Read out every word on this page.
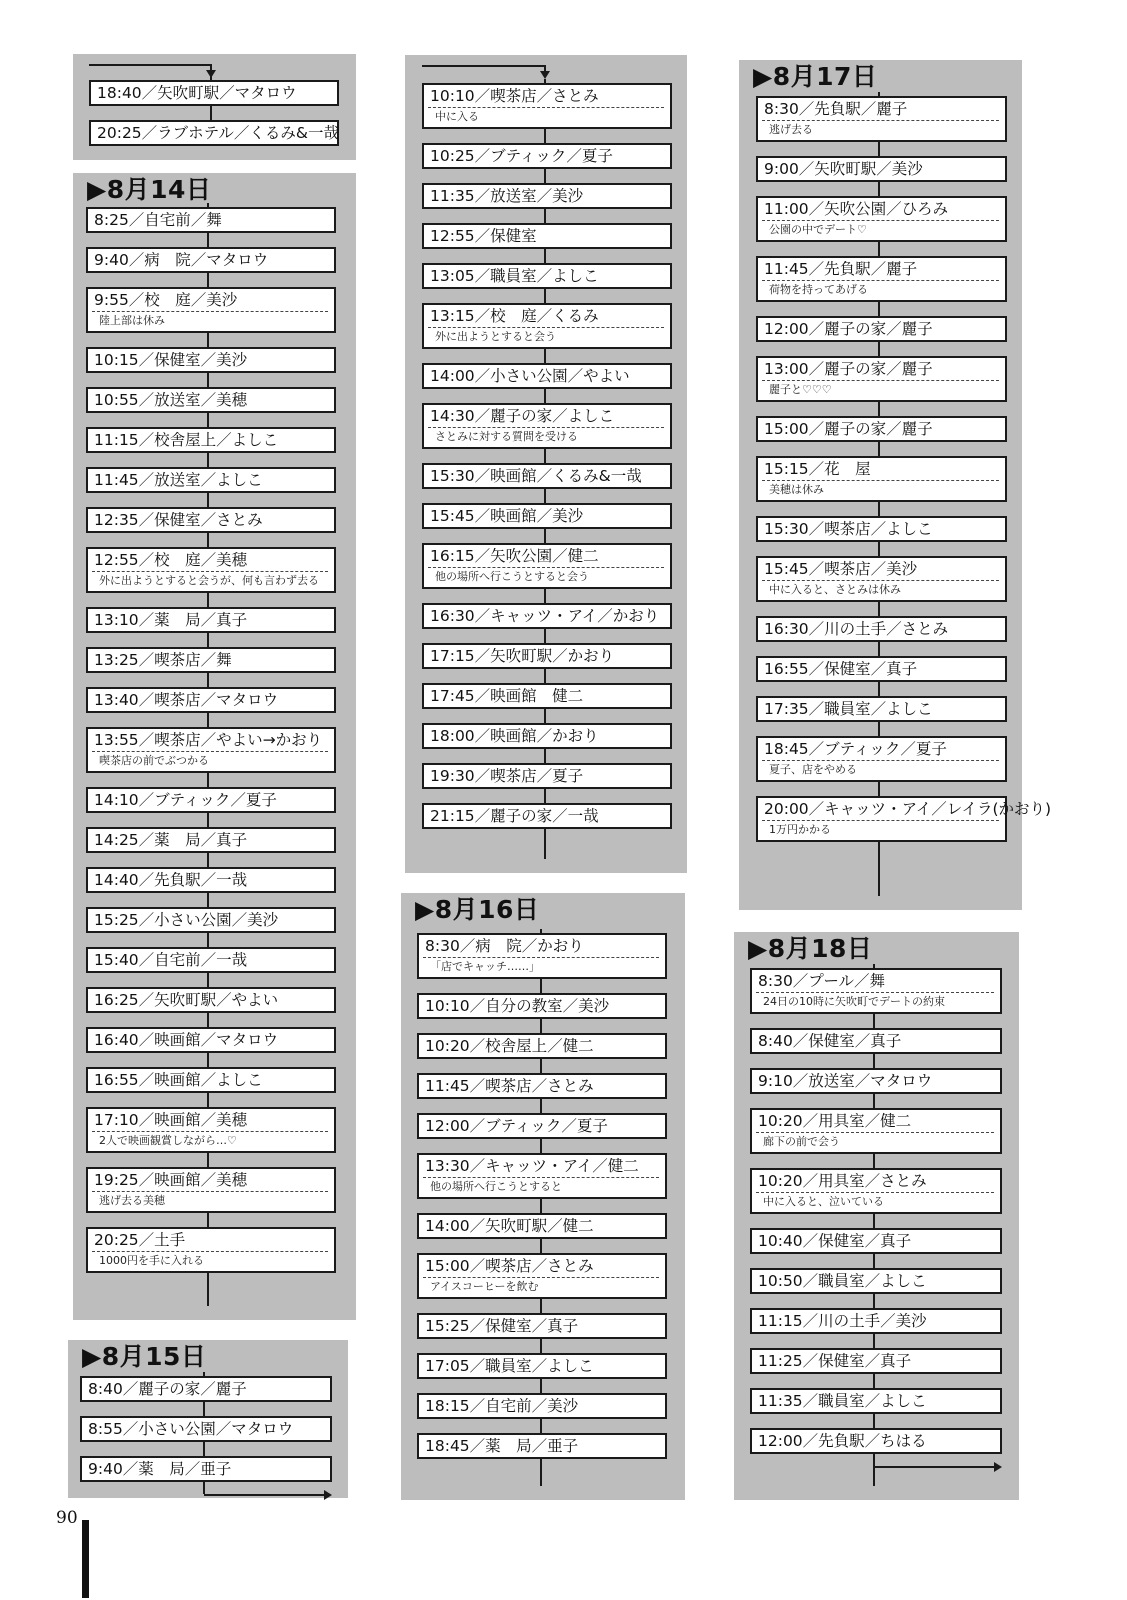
18:40／矢吹町駅／マタロウ
20:25／ラブホテル／くるみ&一哉
▶8月14日
8:25／自宅前／舞
9:40／病　院／マタロウ
9:55／校　庭／美沙
陸上部は休み
10:15／保健室／美沙
10:55／放送室／美穂
11:15／校舎屋上／よしこ
11:45／放送室／よしこ
12:35／保健室／さとみ
12:55／校　庭／美穂
外に出ようとすると会うが、何も言わず去る
13:10／薬　局／真子
13:25／喫茶店／舞
13:40／喫茶店／マタロウ
13:55／喫茶店／やよい→かおり
喫茶店の前でぶつかる
14:10／ブティック／夏子
14:25／薬　局／真子
14:40／先負駅／一哉
15:25／小さい公園／美沙
15:40／自宅前／一哉
16:25／矢吹町駅／やよい
16:40／映画館／マタロウ
16:55／映画館／よしこ
17:10／映画館／美穂
2人で映画観賞しながら…♡
19:25／映画館／美穂
逃げ去る美穂
20:25／土手
1000円を手に入れる
▶8月15日
8:40／麗子の家／麗子
8:55／小さい公園／マタロウ
9:40／薬　局／亜子
10:10／喫茶店／さとみ
中に入る
10:25／ブティック／夏子
11:35／放送室／美沙
12:55／保健室
13:05／職員室／よしこ
13:15／校　庭／くるみ
外に出ようとすると会う
14:00／小さい公園／やよい
14:30／麗子の家／よしこ
さとみに対する質問を受ける
15:30／映画館／くるみ&一哉
15:45／映画館／美沙
16:15／矢吹公園／健二
他の場所へ行こうとすると会う
16:30／キャッツ・アイ／かおり
17:15／矢吹町駅／かおり
17:45／映画館　健二
18:00／映画館／かおり
19:30／喫茶店／夏子
21:15／麗子の家／一哉
▶8月16日
8:30／病　院／かおり
「店でキャッチ……」
10:10／自分の教室／美沙
10:20／校舎屋上／健二
11:45／喫茶店／さとみ
12:00／ブティック／夏子
13:30／キャッツ・アイ／健二
他の場所へ行こうとすると
14:00／矢吹町駅／健二
15:00／喫茶店／さとみ
アイスコーヒーを飲む
15:25／保健室／真子
17:05／職員室／よしこ
18:15／自宅前／美沙
18:45／薬　局／亜子
▶8月17日
8:30／先負駅／麗子
逃げ去る
9:00／矢吹町駅／美沙
11:00／矢吹公園／ひろみ
公園の中でデート♡
11:45／先負駅／麗子
荷物を持ってあげる
12:00／麗子の家／麗子
13:00／麗子の家／麗子
麗子と♡♡♡
15:00／麗子の家／麗子
15:15／花　屋
美穂は休み
15:30／喫茶店／よしこ
15:45／喫茶店／美沙
中に入ると、さとみは休み
16:30／川の土手／さとみ
16:55／保健室／真子
17:35／職員室／よしこ
18:45／ブティック／夏子
夏子、店をやめる
20:00／キャッツ・アイ／レイラ(かおり)
1万円かかる
▶8月18日
8:30／プール／舞
24日の10時に矢吹町でデートの約束
8:40／保健室／真子
9:10／放送室／マタロウ
10:20／用具室／健二
廊下の前で会う
10:20／用具室／さとみ
中に入ると、泣いている
10:40／保健室／真子
10:50／職員室／よしこ
11:15／川の土手／美沙
11:25／保健室／真子
11:35／職員室／よしこ
12:00／先負駅／ちはる
90
